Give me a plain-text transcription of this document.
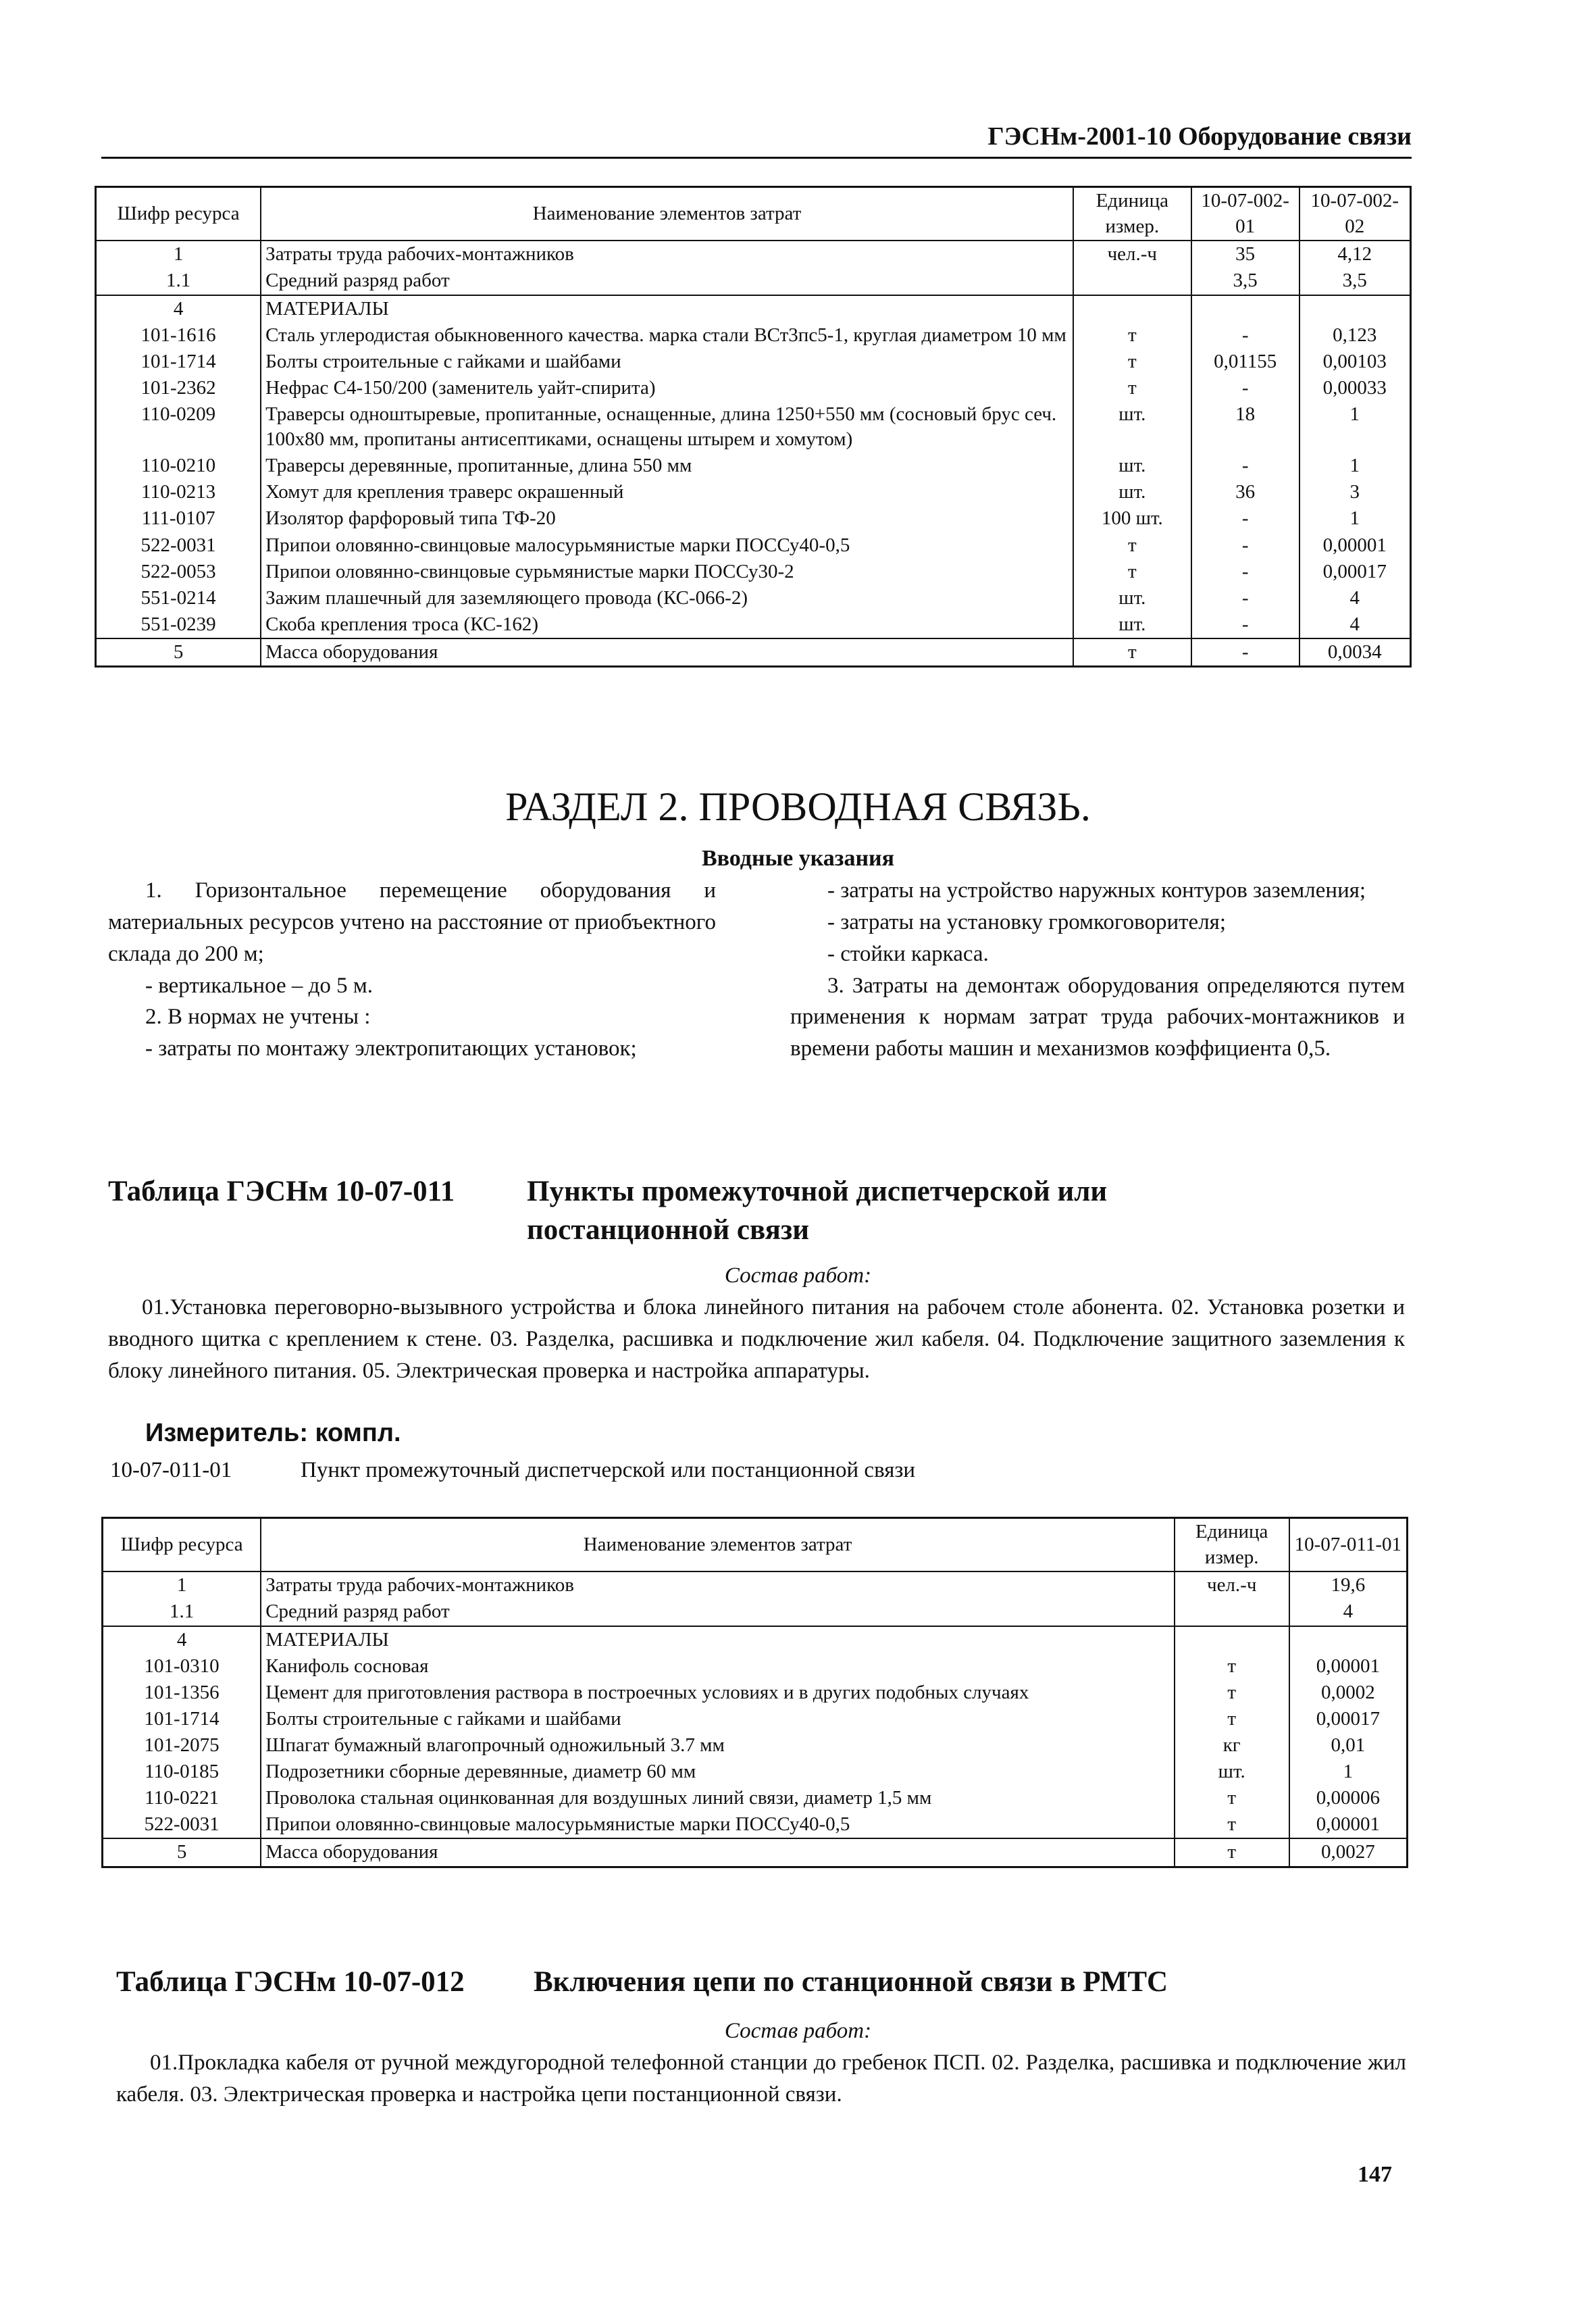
ГЭСНм-2001-10 Оборудование связи
Шифр ресурса	Наименование элементов затрат	Единица измер.	10-07-002-01	10-07-002-02
1	Затраты труда рабочих-монтажников	чел.-ч	35	4,12
1.1	Средний разряд работ		3,5	3,5
4	МАТЕРИАЛЫ			
101-1616	Сталь углеродистая обыкновенного качества. марка стали ВСт3пс5-1, круглая диаметром 10 мм	т	-	0,123
101-1714	Болты строительные с гайками и шайбами	т	0,01155	0,00103
101-2362	Нефрас С4-150/200 (заменитель уайт-спирита)	т	-	0,00033
110-0209	Траверсы одноштыревые, пропитанные, оснащенные, длина 1250+550 мм (сосновый брус сеч. 100х80 мм, пропитаны антисептиками, оснащены штырем и хомутом)	шт.	18	1
110-0210	Траверсы деревянные, пропитанные, длина 550 мм	шт.	-	1
110-0213	Хомут для крепления траверс окрашенный	шт.	36	3
111-0107	Изолятор фарфоровый типа ТФ-20	100 шт.	-	1
522-0031	Припои оловянно-свинцовые малосурьмянистые марки ПОССу40-0,5	т	-	0,00001
522-0053	Припои оловянно-свинцовые сурьмянистые марки ПОССу30-2	т	-	0,00017
551-0214	Зажим плашечный для заземляющего провода (КС-066-2)	шт.	-	4
551-0239	Скоба крепления троса (КС-162)	шт.	-	4
5	Масса оборудования	т	-	0,0034
РАЗДЕЛ 2. ПРОВОДНАЯ СВЯЗЬ.
Вводные указания
1. Горизонтальное перемещение оборудования и материальных ресурсов учтено на расстояние от приобъектного склада до 200 м;
- вертикальное – до 5 м.
2. В нормах не учтены :
- затраты по монтажу электропитающих установок;
- затраты на устройство наружных контуров заземления;
- затраты на установку громкоговорителя;
- стойки каркаса.
3. Затраты на демонтаж оборудования определяются путем применения к нормам затрат труда рабочих-монтажников и времени работы машин и механизмов коэффициента 0,5.
Таблица ГЭСНм 10-07-011 Пункты промежуточной диспетчерской или постанционной связи
Состав работ:
01.Установка переговорно-вызывного устройства и блока линейного питания на рабочем столе абонента. 02. Установка розетки и вводного щитка с креплением к стене. 03. Разделка, расшивка и подключение жил кабеля. 04. Подключение защитного заземления к блоку линейного питания. 05. Электрическая проверка и настройка аппаратуры.
Измеритель: компл.
10-07-011-01	Пункт промежуточный диспетчерской или постанционной связи
Шифр ресурса	Наименование элементов затрат	Единица измер.	10-07-011-01
1	Затраты труда рабочих-монтажников	чел.-ч	19,6
1.1	Средний разряд работ		4
4	МАТЕРИАЛЫ		
101-0310	Канифоль сосновая	т	0,00001
101-1356	Цемент для приготовления раствора в построечных условиях и в других подобных случаях	т	0,0002
101-1714	Болты строительные с гайками и шайбами	т	0,00017
101-2075	Шпагат бумажный влагопрочный одножильный 3.7 мм	кг	0,01
110-0185	Подрозетники сборные деревянные, диаметр 60 мм	шт.	1
110-0221	Проволока стальная оцинкованная для воздушных линий связи, диаметр 1,5 мм	т	0,00006
522-0031	Припои оловянно-свинцовые малосурьмянистые марки ПОССу40-0,5	т	0,00001
5	Масса оборудования	т	0,0027
Таблица ГЭСНм 10-07-012 Включения цепи по станционной связи в РМТС
Состав работ:
01.Прокладка кабеля от ручной междугородной телефонной станции до гребенок ПСП. 02. Разделка, расшивка и подключение жил кабеля. 03. Электрическая проверка и настройка цепи постанционной связи.
147
